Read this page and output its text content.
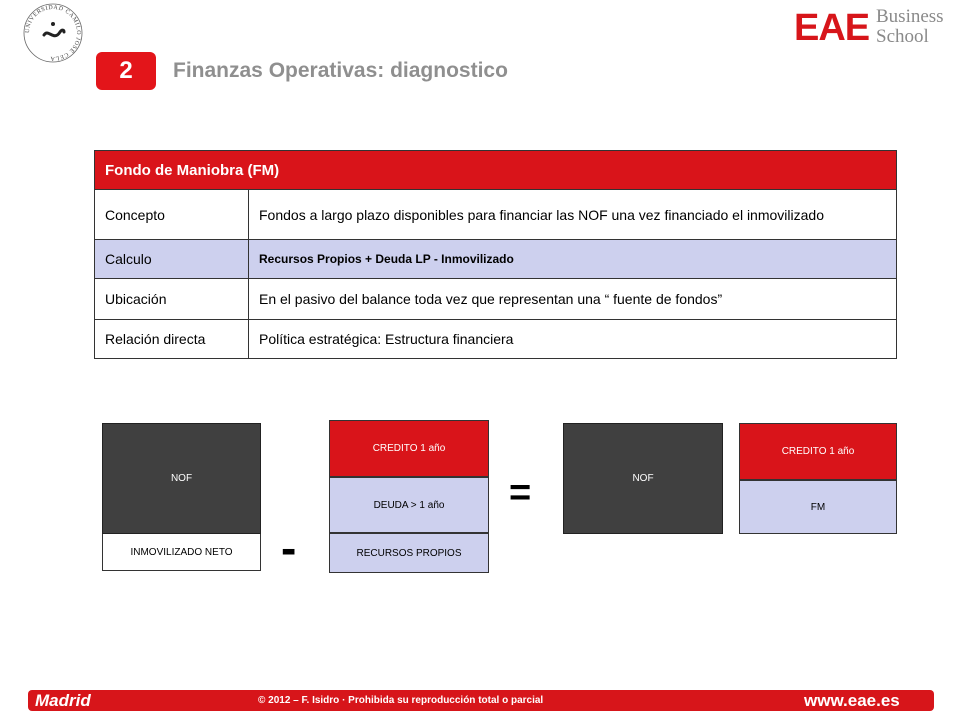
UNIVERSIDAD CAMILO JOSÉ CELA
EAE Business
School
2	Finanzas Operativas: diagnostico
Fondo de Maniobra (FM)	
Concepto	Fondos a largo plazo disponibles para financiar las NOF una vez financiado el inmovilizado
Calculo	Recursos Propios + Deuda LP - Inmovilizado
Ubicación	En el pasivo del balance toda vez que representan una “ fuente de fondos”
Relación directa	Política estratégica: Estructura financiera
NOF
INMOVILIZADO NETO	-
CREDITO 1 año
DEUDA > 1 año
RECURSOS PROPIOS
=	NOF
CREDITO 1 año
FM
Madrid	© 2012 – F. Isidro · Prohibida su reproducción total o parcial	www.eae.es
